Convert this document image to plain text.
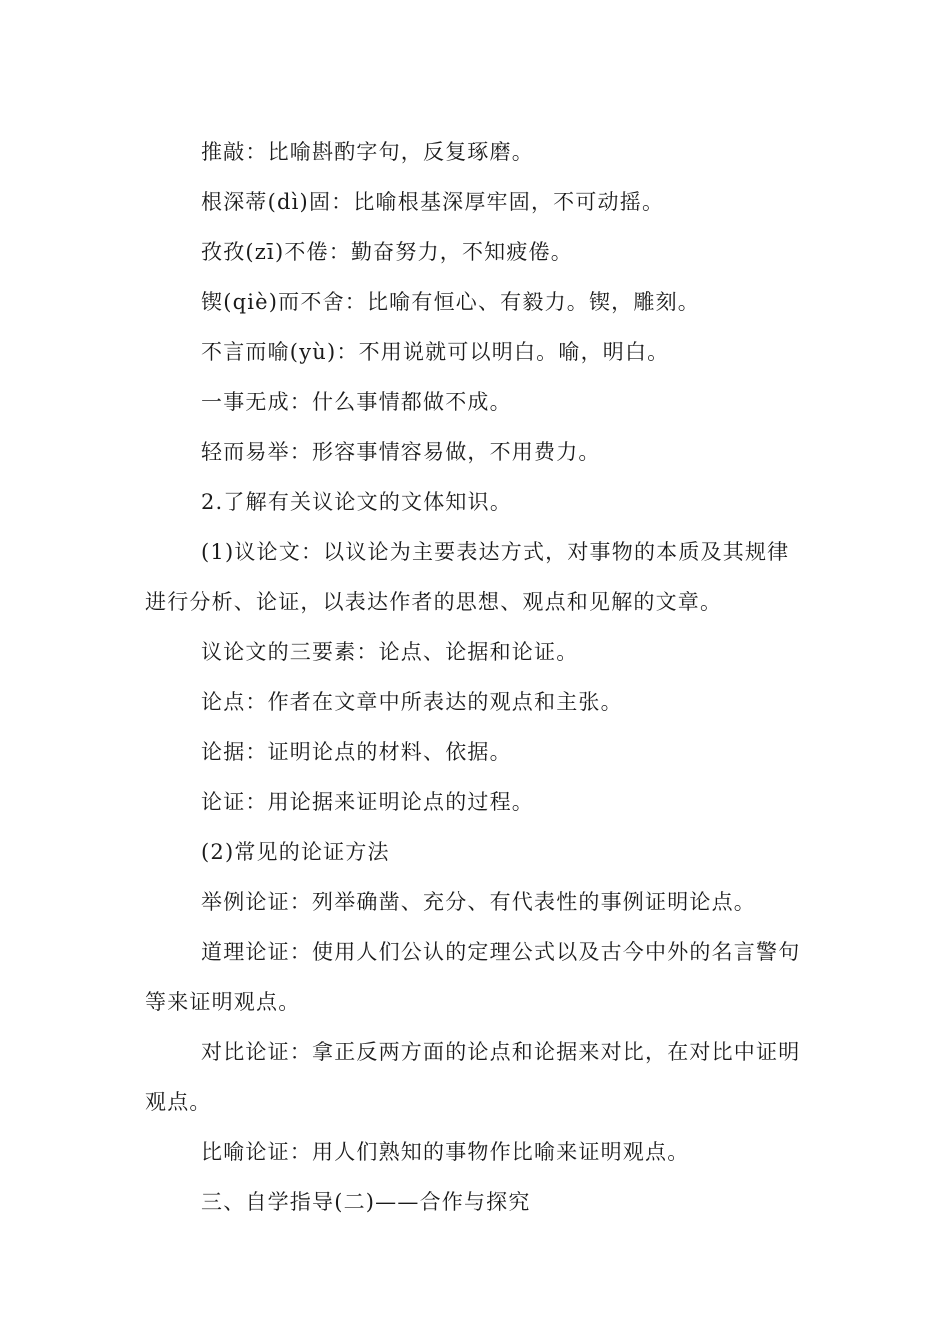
推敲：比喻斟酌字句，反复琢磨。
根深蒂(dì)固：比喻根基深厚牢固，不可动摇。
孜孜(zī)不倦：勤奋努力，不知疲倦。
锲(qiè)而不舍：比喻有恒心、有毅力。锲，雕刻。
不言而喻(yù)：不用说就可以明白。喻，明白。
一事无成：什么事情都做不成。
轻而易举：形容事情容易做，不用费力。
2.了解有关议论文的文体知识。
(1)议论文：以议论为主要表达方式，对事物的本质及其规律
进行分析、论证，以表达作者的思想、观点和见解的文章。
议论文的三要素：论点、论据和论证。
论点：作者在文章中所表达的观点和主张。
论据：证明论点的材料、依据。
论证：用论据来证明论点的过程。
(2)常见的论证方法
举例论证：列举确凿、充分、有代表性的事例证明论点。
道理论证：使用人们公认的定理公式以及古今中外的名言警句
等来证明观点。
对比论证：拿正反两方面的论点和论据来对比，在对比中证明
观点。
比喻论证：用人们熟知的事物作比喻来证明观点。
三、自学指导(二)——合作与探究
